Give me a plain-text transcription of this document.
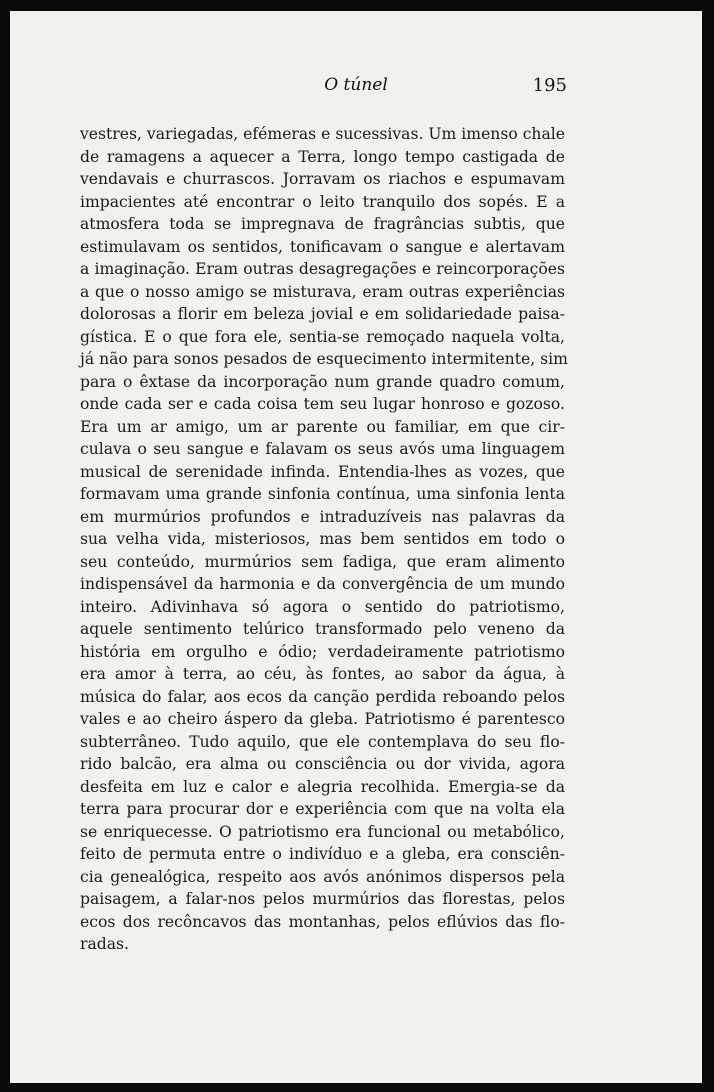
O túnel	195
vestres, variegadas, efémeras e sucessivas. Um imenso chale
de ramagens a aquecer a Terra, longo tempo castigada de
vendavais e churrascos. Jorravam os riachos e espumavam
impacientes até encontrar o leito tranquilo dos sopés. E a
atmosfera toda se impregnava de fragrâncias subtis, que
estimulavam os sentidos, tonificavam o sangue e alertavam
a imaginação. Eram outras desagregações e reincorporações
a que o nosso amigo se misturava, eram outras experiências
dolorosas a florir em beleza jovial e em solidariedade paisa-
gística. E o que fora ele, sentia-se remoçado naquela volta,
já não para sonos pesados de esquecimento intermitente, sim
para o êxtase da incorporação num grande quadro comum,
onde cada ser e cada coisa tem seu lugar honroso e gozoso.
Era um ar amigo, um ar parente ou familiar, em que cir-
culava o seu sangue e falavam os seus avós uma linguagem
musical de serenidade infinda. Entendia-lhes as vozes, que
formavam uma grande sinfonia contínua, uma sinfonia lenta
em murmúrios profundos e intraduzíveis nas palavras da
sua velha vida, misteriosos, mas bem sentidos em todo o
seu conteúdo, murmúrios sem fadiga, que eram alimento
indispensável da harmonia e da convergência de um mundo
inteiro. Adivinhava só agora o sentido do patriotismo,
aquele sentimento telúrico transformado pelo veneno da
história em orgulho e ódio; verdadeiramente patriotismo
era amor à terra, ao céu, às fontes, ao sabor da água, à
música do falar, aos ecos da canção perdida reboando pelos
vales e ao cheiro áspero da gleba. Patriotismo é parentesco
subterrâneo. Tudo aquilo, que ele contemplava do seu flo-
rido balcão, era alma ou consciência ou dor vivida, agora
desfeita em luz e calor e alegria recolhida. Emergia-se da
terra para procurar dor e experiência com que na volta ela
se enriquecesse. O patriotismo era funcional ou metabólico,
feito de permuta entre o indivíduo e a gleba, era consciên-
cia genealógica, respeito aos avós anónimos dispersos pela
paisagem, a falar-nos pelos murmúrios das florestas, pelos
ecos dos recôncavos das montanhas, pelos eflúvios das flo-
radas.
